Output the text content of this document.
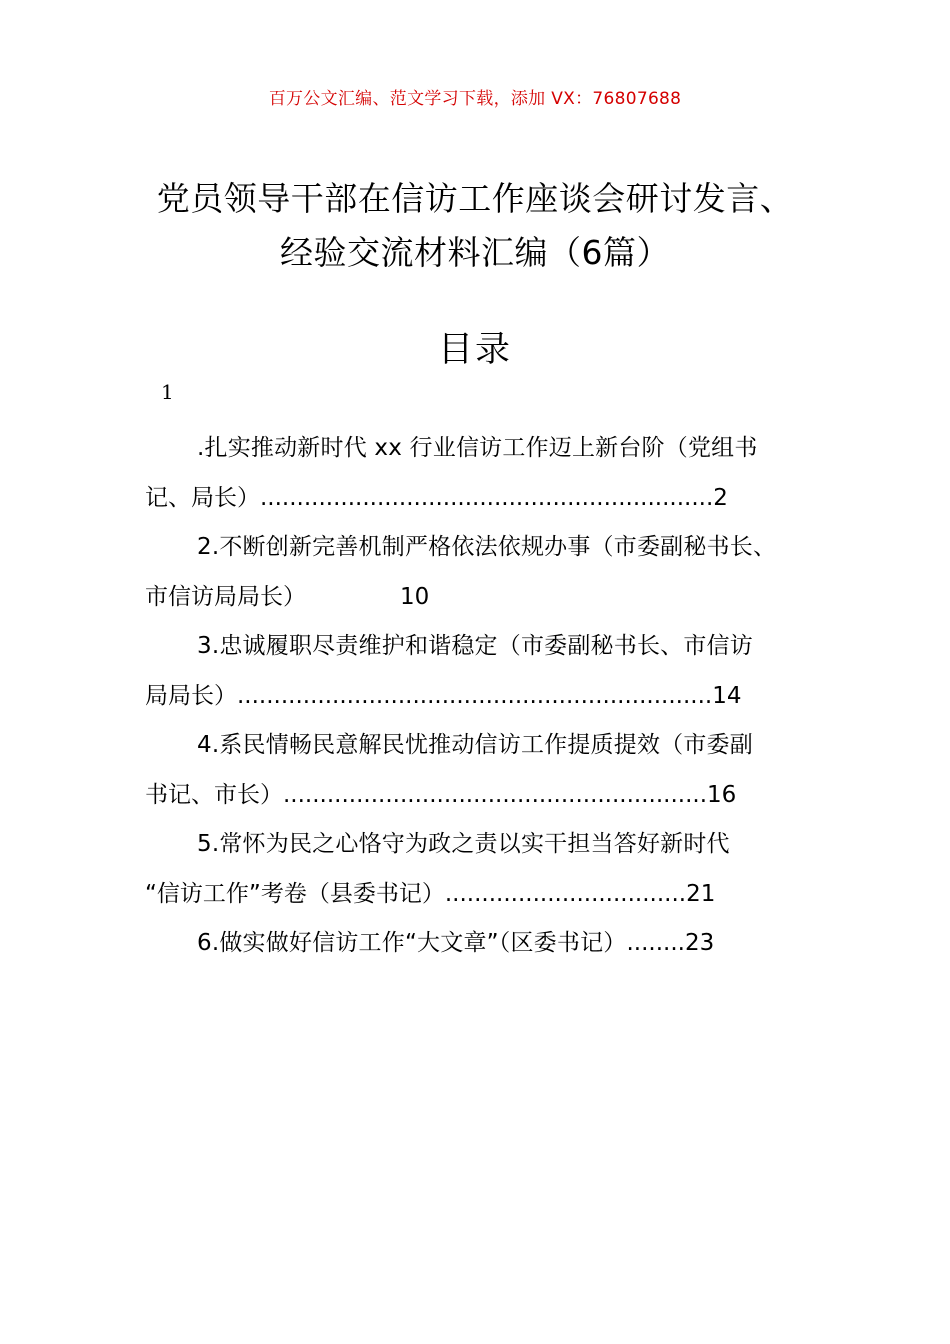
百万公文汇编、范文学习下载，添加 VX：76807688
党员领导干部在信访工作座谈会研讨发言、
经验交流材料汇编（6篇）
目录
1
.扎实推动新时代 xx 行业信访工作迈上新台阶（党组书
记、局长）..............................................................2
2.不断创新完善机制严格依法依规办事（市委副秘书长、
市信访局局长）	10
3.忠诚履职尽责维护和谐稳定（市委副秘书长、市信访
局局长）.................................................................14
4.系民情畅民意解民忧推动信访工作提质提效（市委副
书记、市长）..........................................................16
5.常怀为民之心恪守为政之责以实干担当答好新时代
“信访工作”考卷（县委书记）.................................21
6.做实做好信访工作“大文章”（区委书记）........23
